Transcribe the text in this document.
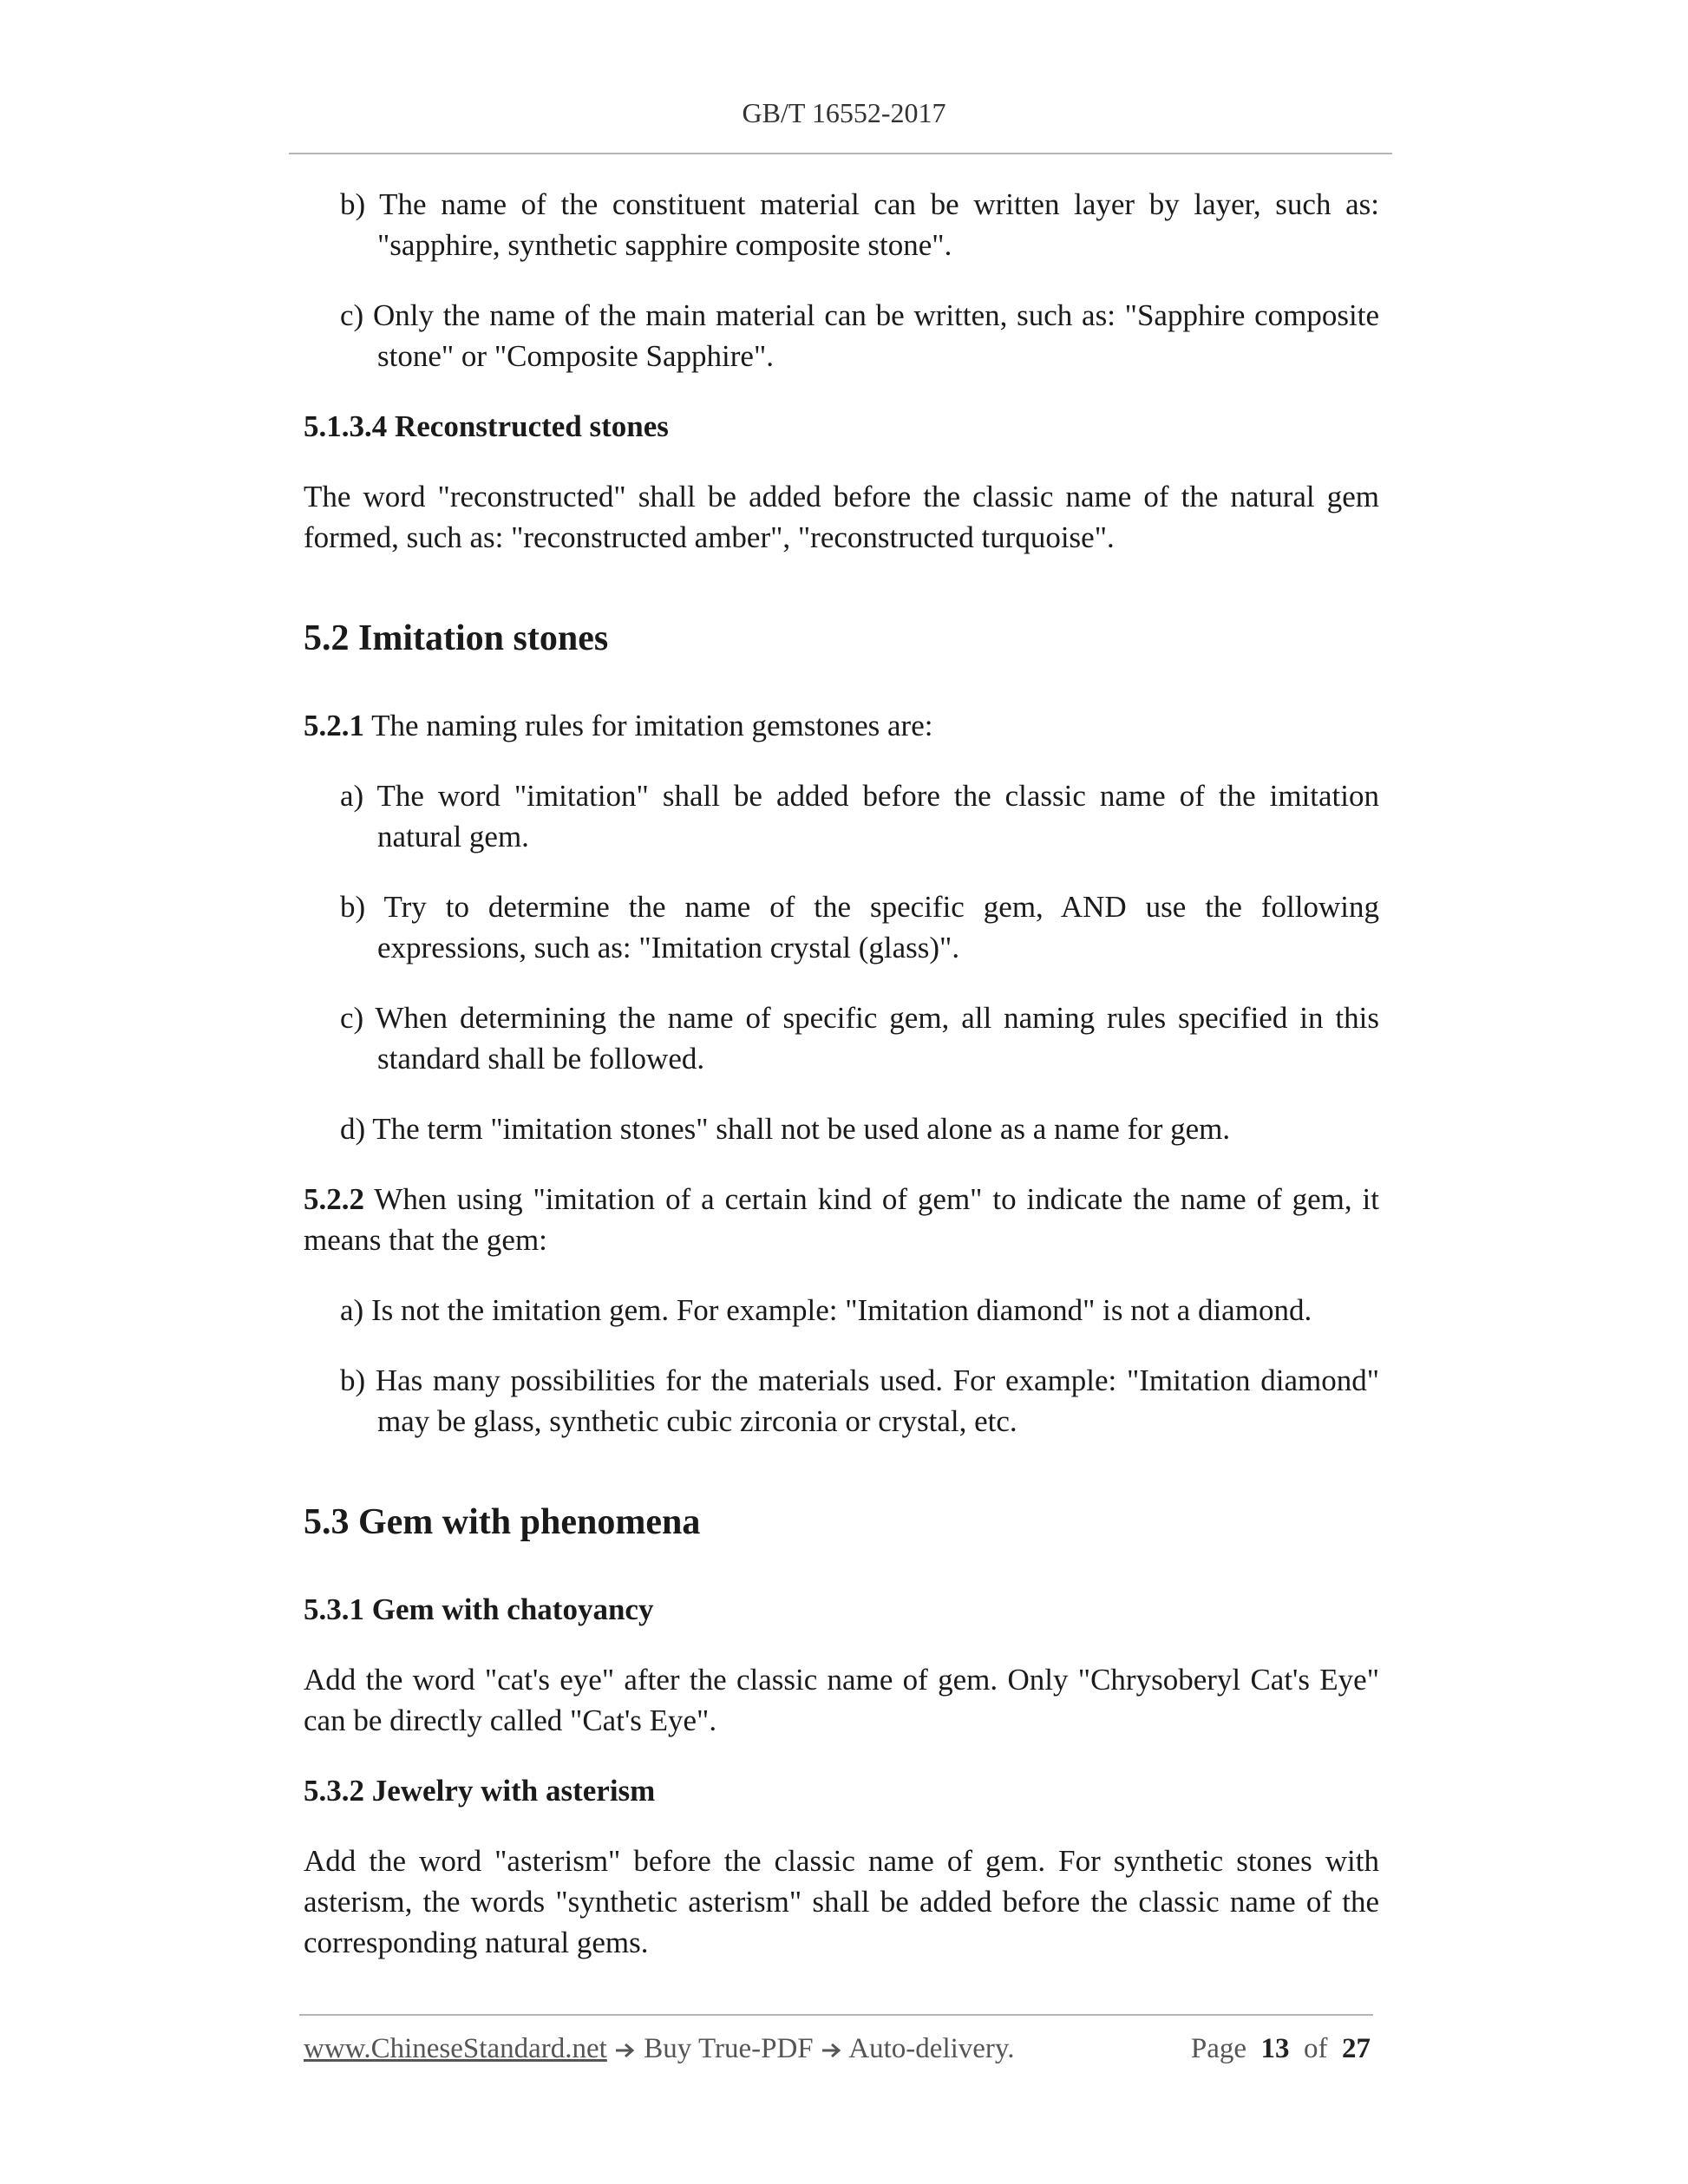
GB/T 16552-2017

b) The name of the constituent material can be written layer by layer, such as: "sapphire, synthetic sapphire composite stone".

c) Only the name of the main material can be written, such as: "Sapphire composite stone" or "Composite Sapphire".

5.1.3.4 Reconstructed stones

The word "reconstructed" shall be added before the classic name of the natural gem formed, such as: "reconstructed amber", "reconstructed turquoise".

5.2 Imitation stones

5.2.1 The naming rules for imitation gemstones are:

a) The word "imitation" shall be added before the classic name of the imitation natural gem.

b) Try to determine the name of the specific gem, AND use the following expressions, such as: "Imitation crystal (glass)".

c) When determining the name of specific gem, all naming rules specified in this standard shall be followed.

d) The term "imitation stones" shall not be used alone as a name for gem.

5.2.2 When using "imitation of a certain kind of gem" to indicate the name of gem, it means that the gem:

a) Is not the imitation gem. For example: "Imitation diamond" is not a diamond.

b) Has many possibilities for the materials used. For example: "Imitation diamond" may be glass, synthetic cubic zirconia or crystal, etc.

5.3 Gem with phenomena
5.3.1 Gem with chatoyancy

Add the word "cat's eye" after the classic name of gem. Only "Chrysoberyl Cat's Eye" can be directly called "Cat's Eye".

5.3.2 Jewelry with asterism

Add the word "asterism" before the classic name of gem. For synthetic stones with asterism, the words "synthetic asterism" shall be added before the classic name of the corresponding natural gems.

www.ChineseStandard.net  Buy True-PDF  Auto-delivery.	Page 13 of 27
